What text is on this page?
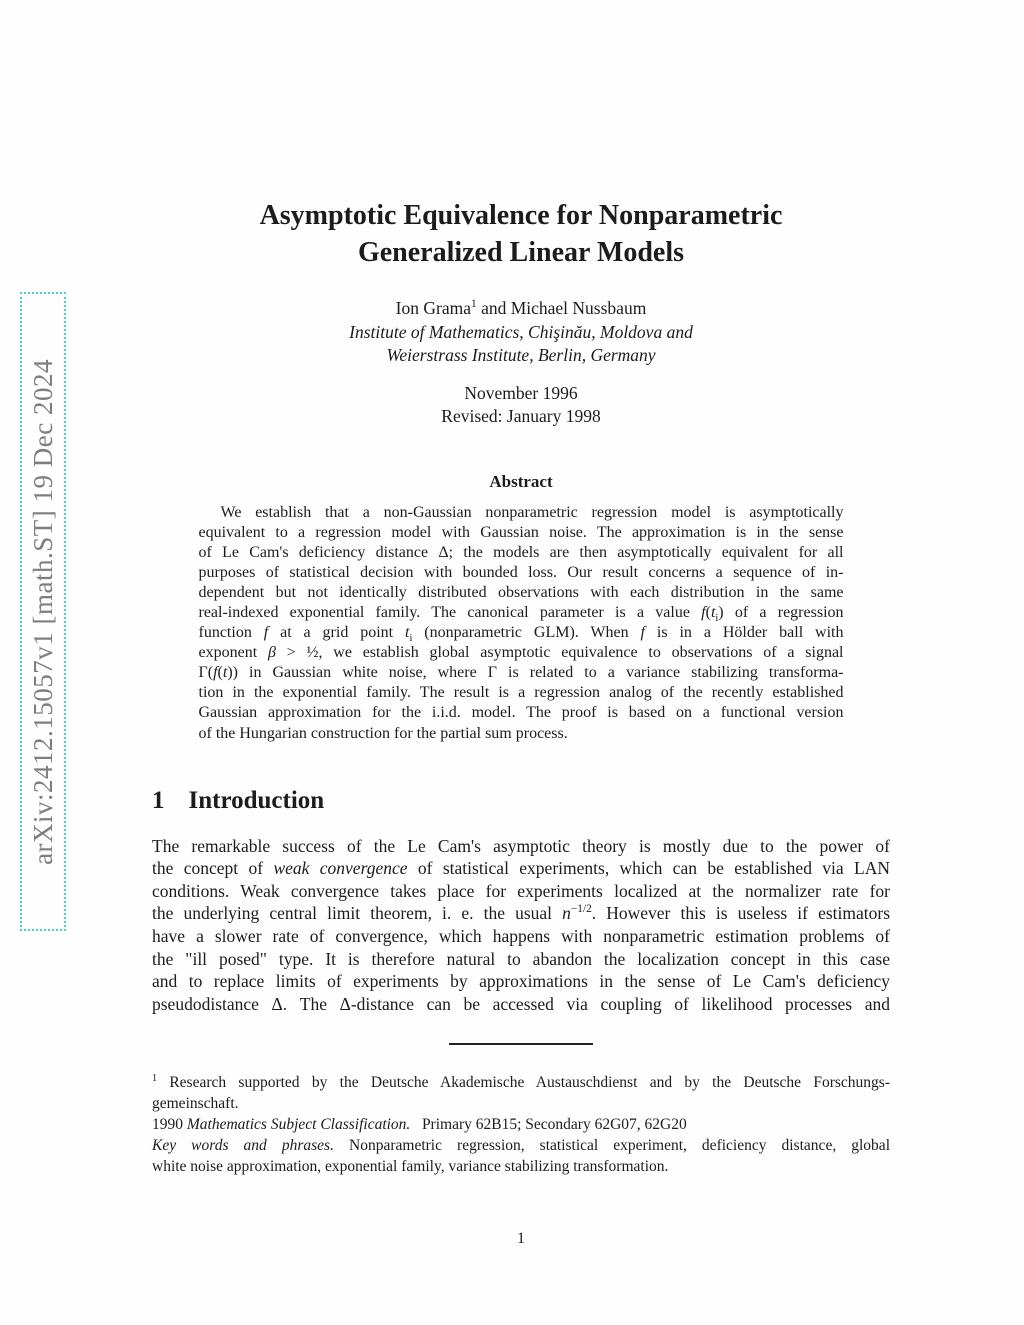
arXiv:2412.15057v1 [math.ST] 19 Dec 2024
Asymptotic Equivalence for Nonparametric
Generalized Linear Models
Ion Grama$^1$ and Michael Nussbaum
Institute of Mathematics, Chişinău, Moldova and
Weierstrass Institute, Berlin, Germany
November 1996
Revised: January 1998
Abstract
We establish that a non-Gaussian nonparametric regression model is asymptotically
equivalent to a regression model with Gaussian noise. The approximation is in the sense
of Le Cam's deficiency distance Δ; the models are then asymptotically equivalent for all
purposes of statistical decision with bounded loss. Our result concerns a sequence of in-
dependent but not identically distributed observations with each distribution in the same
real-indexed exponential family. The canonical parameter is a value $f(t_i)$ of a regression
function f at a grid point $t_i$ (nonparametric GLM). When f is in a Hölder ball with
exponent β > ½, we establish global asymptotic equivalence to observations of a signal
Γ(f(t)) in Gaussian white noise, where Γ is related to a variance stabilizing transforma-
tion in the exponential family. The result is a regression analog of the recently established
Gaussian approximation for the i.i.d. model. The proof is based on a functional version
of the Hungarian construction for the partial sum process.
1 Introduction
The remarkable success of the Le Cam's asymptotic theory is mostly due to the power of
the concept of weak convergence of statistical experiments, which can be established via LAN
conditions. Weak convergence takes place for experiments localized at the normalizer rate for
the underlying central limit theorem, i. e. the usual $n^{-1/2}$. However this is useless if estimators
have a slower rate of convergence, which happens with nonparametric estimation problems of
the "ill posed" type. It is therefore natural to abandon the localization concept in this case
and to replace limits of experiments by approximations in the sense of Le Cam's deficiency
pseudodistance Δ. The Δ-distance can be accessed via coupling of likelihood processes and
$^1$ Research supported by the Deutsche Akademische Austauschdienst and by the Deutsche Forschungs-
gemeinschaft.
1990 Mathematics Subject Classification.  Primary 62B15; Secondary 62G07, 62G20
Key words and phrases. Nonparametric regression, statistical experiment, deficiency distance, global
white noise approximation, exponential family, variance stabilizing transformation.
1
